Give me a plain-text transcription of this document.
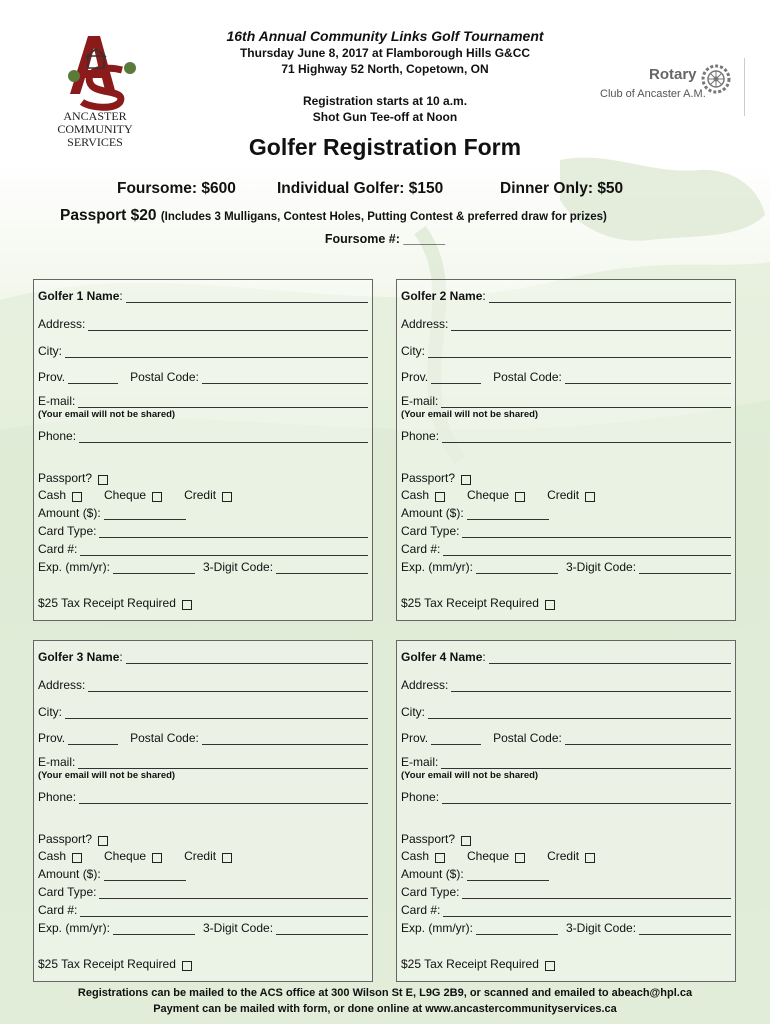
ANCASTER COMMUNITY
SERVICES
Rotary
Club of Ancaster A.M.
16th Annual Community Links Golf Tournament
Thursday June 8, 2017 at Flamborough Hills G&CC
71 Highway 52 North, Copetown, ON
Registration starts at 10 a.m.
Shot Gun Tee-off at Noon
Golfer Registration Form
Foursome: $600	Individual Golfer: $150	Dinner Only: $50
Passport $20 (Includes 3 Mulligans, Contest Holes, Putting Contest & preferred draw for prizes)
Foursome #: ______
Golfer 1 Name :
Address:
City:
Prov.	Postal Code:
E-mail:
(Your email will not be shared)
Phone:
Passport?
Cash	Cheque	Credit
Amount ($):
Card Type:
Card #:
Exp. (mm/yr):	3-Digit Code:
$25 Tax Receipt Required
Golfer 2 Name :
Address:
City:
Prov.	Postal Code:
E-mail:
(Your email will not be shared)
Phone:
Passport?
Cash	Cheque	Credit
Amount ($):
Card Type:
Card #:
Exp. (mm/yr):	3-Digit Code:
$25 Tax Receipt Required
Golfer 3 Name :
Address:
City:
Prov.	Postal Code:
E-mail:
(Your email will not be shared)
Phone:
Passport?
Cash	Cheque	Credit
Amount ($):
Card Type:
Card #:
Exp. (mm/yr):	3-Digit Code:
$25 Tax Receipt Required
Golfer 4 Name :
Address:
City:
Prov.	Postal Code:
E-mail:
(Your email will not be shared)
Phone:
Passport?
Cash	Cheque	Credit
Amount ($):
Card Type:
Card #:
Exp. (mm/yr):	3-Digit Code:
$25 Tax Receipt Required
Registrations can be mailed to the ACS office at 300 Wilson St E, L9G 2B9, or scanned and emailed to abeach@hpl.ca
Payment can be mailed with form, or done online at www.ancastercommunityservices.ca
